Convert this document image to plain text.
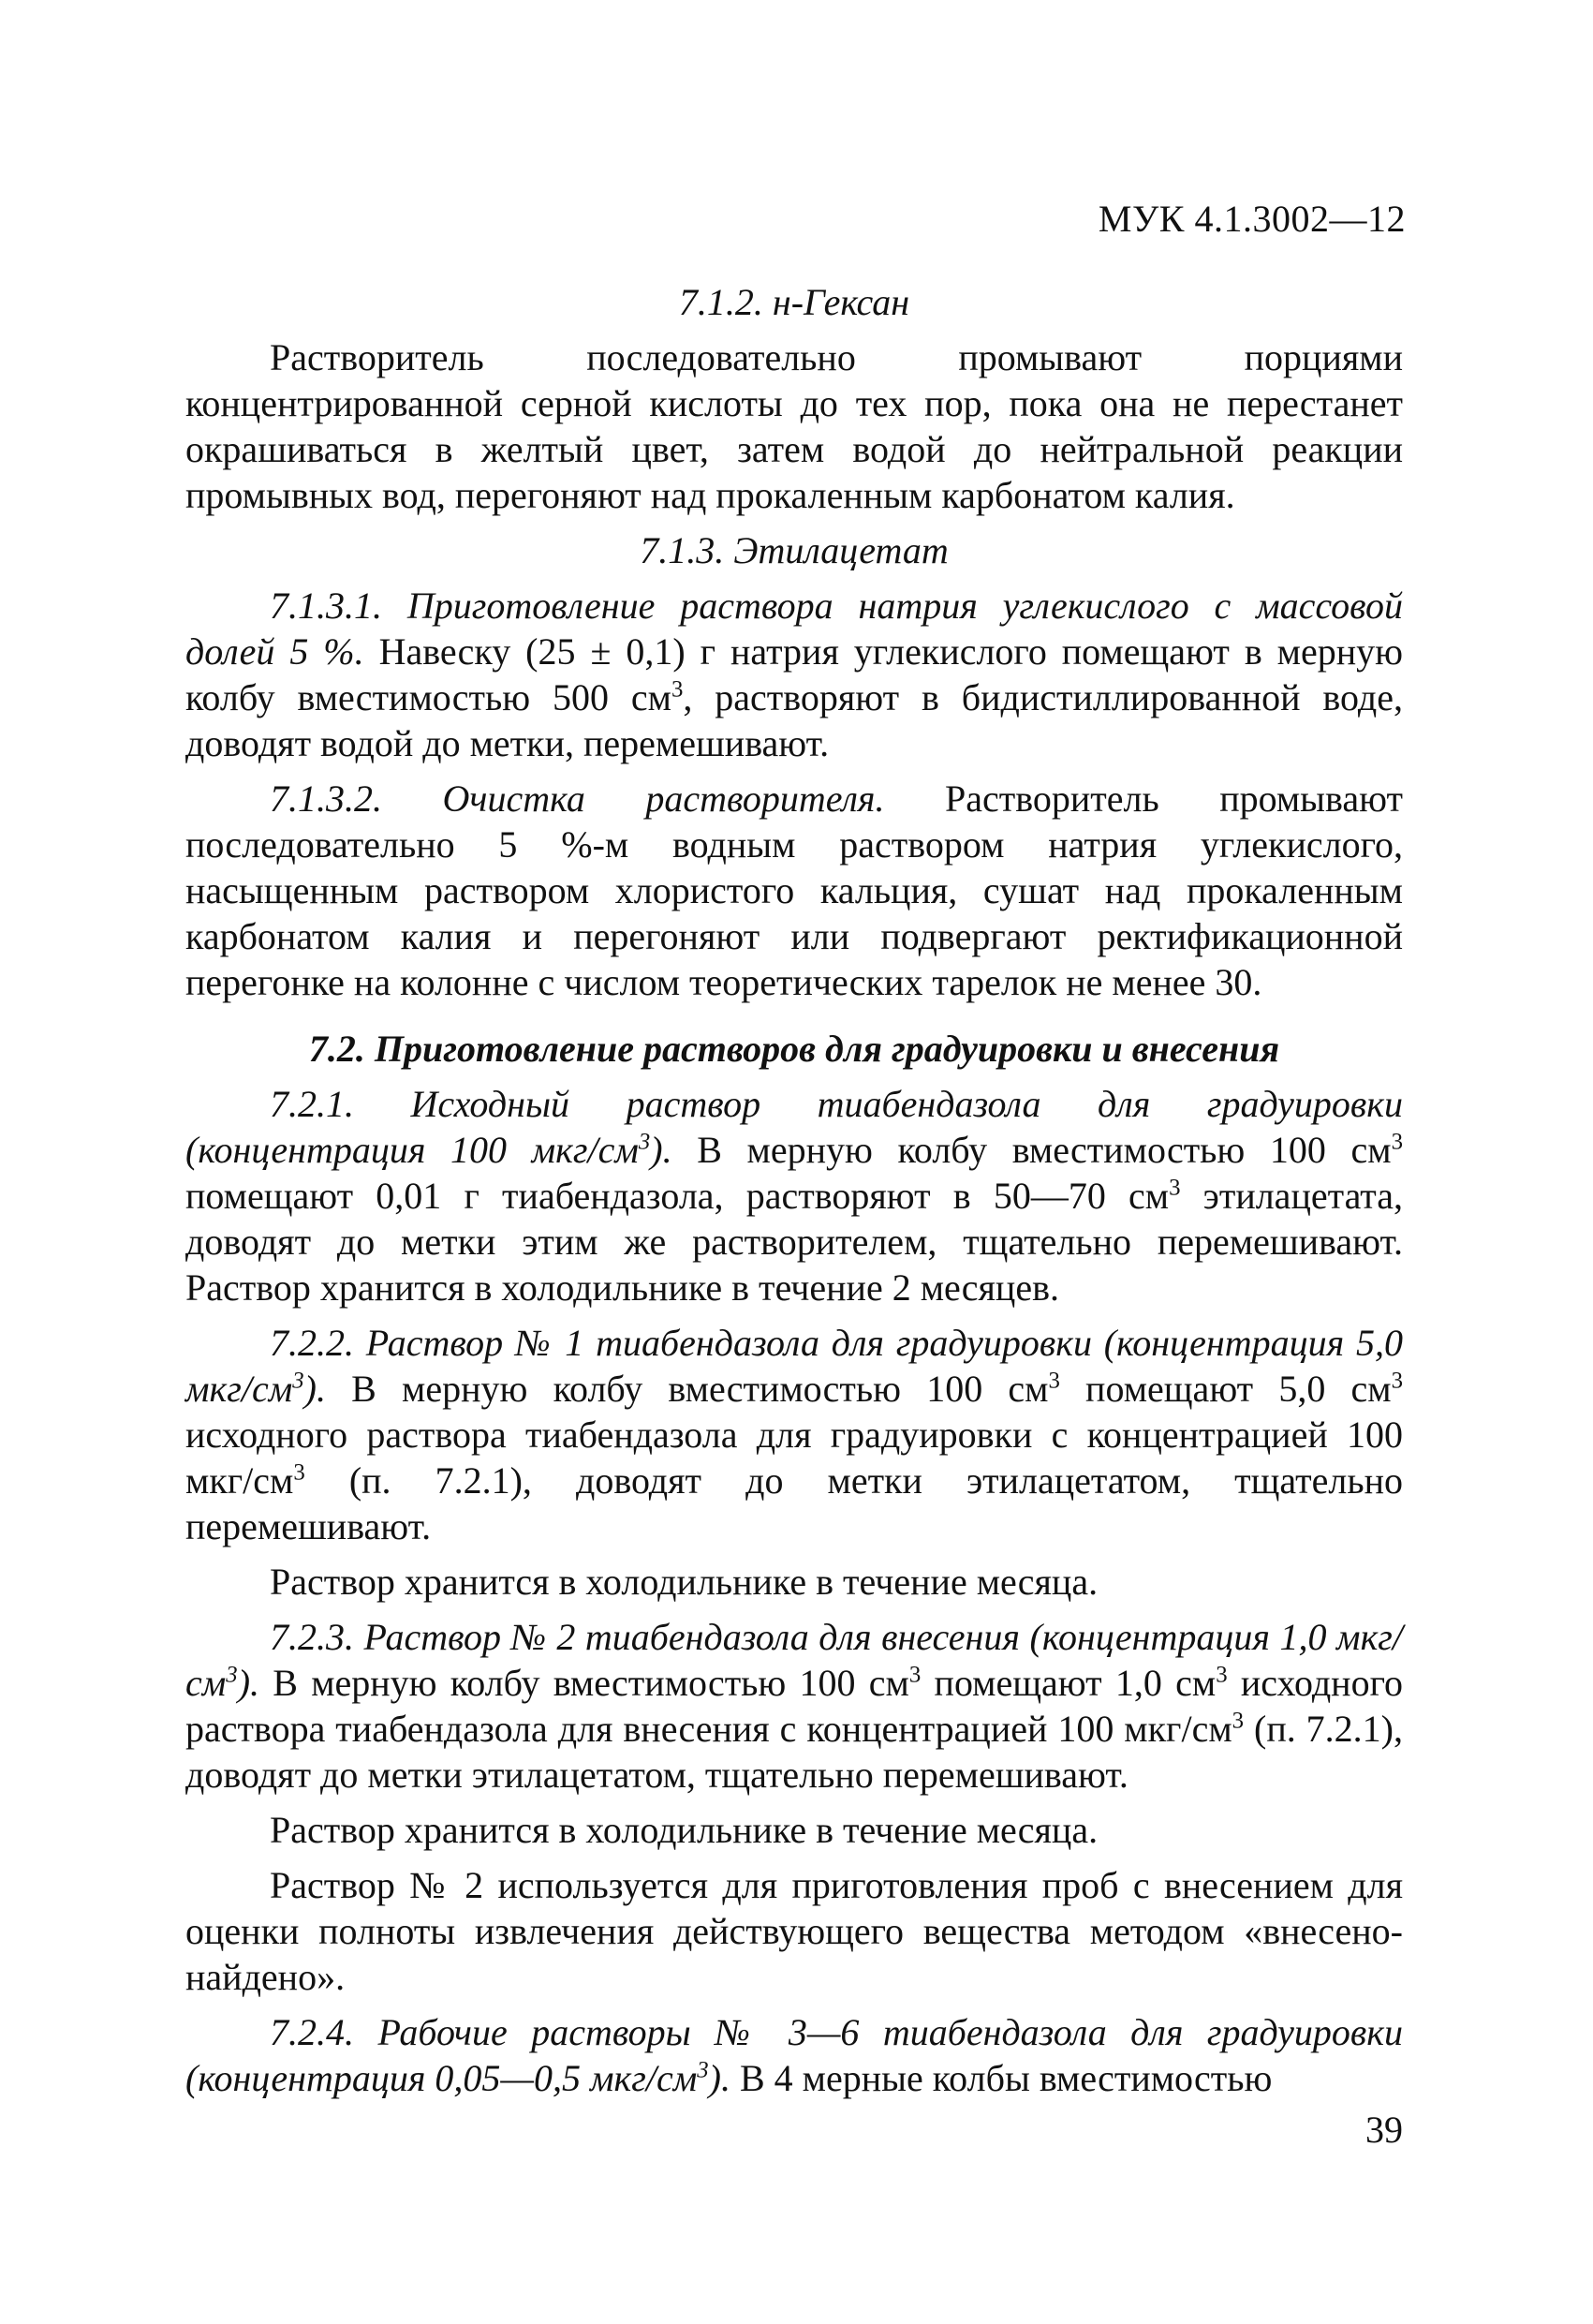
МУК 4.1.3002—12

7.1.2. н-Гексан

Растворитель последовательно промывают порциями концентрированной серной кислоты до тех пор, пока она не перестанет окрашиваться в желтый цвет, затем водой до нейтральной реакции промывных вод, перегоняют над прокаленным карбонатом калия.

7.1.3. Этилацетат

7.1.3.1. Приготовление раствора натрия углекислого с массовой долей 5 %. Навеску (25 ± 0,1) г натрия углекислого помещают в мерную колбу вместимостью 500 $см^3$, растворяют в бидистиллированной воде, доводят водой до метки, перемешивают.

7.1.3.2. Очистка растворителя. Растворитель промывают последовательно 5 %-м водным раствором натрия углекислого, насыщенным раствором хлористого кальция, сушат над прокаленным карбонатом калия и перегоняют или подвергают ректификационной перегонке на колонне с числом теоретических тарелок не менее 30.

7.2. Приготовление растворов для градуировки и внесения

7.2.1. Исходный раствор тиабендазола для градуировки (концентрация 100 мкг/$см^3$). В мерную колбу вместимостью 100 $см^3$ помещают 0,01 г тиабендазола, растворяют в 50—70 $см^3$ этилацетата, доводят до метки этим же растворителем, тщательно перемешивают. Раствор хранится в холодильнике в течение 2 месяцев.

7.2.2. Раствор № 1 тиабендазола для градуировки (концентрация 5,0 мкг/$см^3$). В мерную колбу вместимостью 100 $см^3$ помещают 5,0 $см^3$ исходного раствора тиабендазола для градуировки с концентрацией 100 мкг/$см^3$ (п. 7.2.1), доводят до метки этилацетатом, тщательно перемешивают.

Раствор хранится в холодильнике в течение месяца.

7.2.3. Раствор № 2 тиабендазола для внесения (концентрация 1,0 мкг/$см^3$). В мерную колбу вместимостью 100 $см^3$ помещают 1,0 $см^3$ исходного раствора тиабендазола для внесения с концентрацией 100 мкг/$см^3$ (п. 7.2.1), доводят до метки этилацетатом, тщательно перемешивают.

Раствор хранится в холодильнике в течение месяца.

Раствор № 2 используется для приготовления проб с внесением для оценки полноты извлечения действующего вещества методом «внесено-найдено».

7.2.4. Рабочие растворы № 3—6 тиабендазола для градуировки (концентрация 0,05—0,5 мкг/$см^3$). В 4 мерные колбы вместимостью

39
